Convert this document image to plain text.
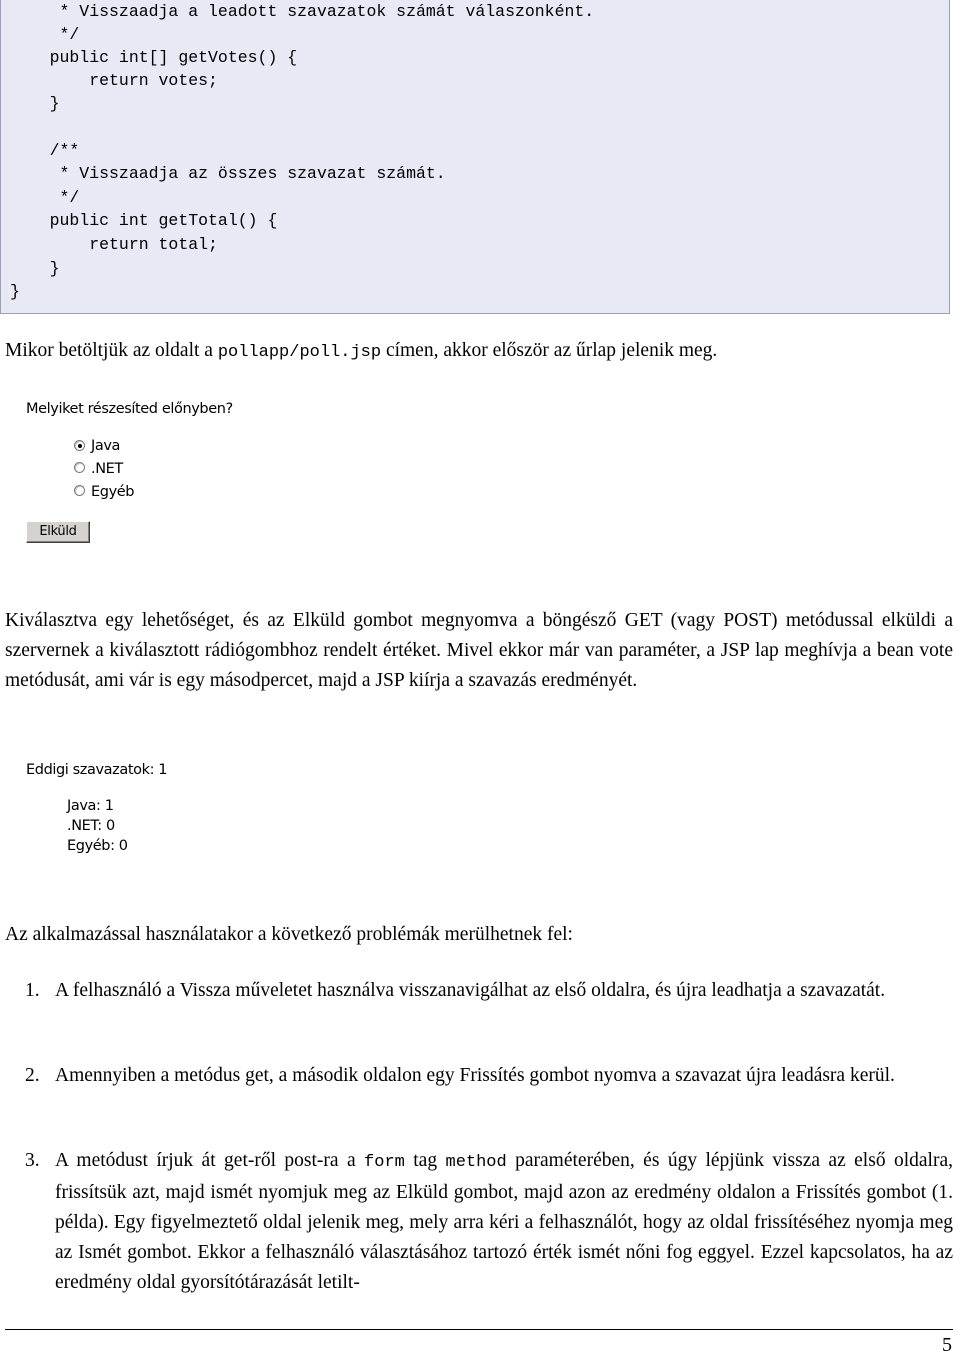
* Visszaadja a leadott szavazatok számát válaszonként.
*/
public int[] getVotes() {
return votes;
}
/**
* Visszaadja az összes szavazat számát.
*/
public int getTotal() {
return total;
}
}
Mikor betöltjük az oldalt a pollapp/poll.jsp címen, akkor először az űrlap jelenik meg.
Melyiket részesíted előnyben?
Java
.NET
Egyéb
Elküld
Kiválasztva egy lehetőséget, és az Elküld gombot megnyomva a böngésző GET (vagy POST) metódussal elküldi a szervernek a kiválasztott rádiógombhoz rendelt értéket. Mivel ekkor már van paraméter, a JSP lap meghívja a bean vote metódusát, ami vár is egy másodpercet, majd a JSP kiírja a szavazás eredményét.
Eddigi szavazatok: 1
Java: 1
.NET: 0
Egyéb: 0
Az alkalmazással használatakor a következő problémák merülhetnek fel:
1. A felhasználó a Vissza műveletet használva visszanavigálhat az első oldalra, és újra leadhatja a szavazatát.
2. Amennyiben a metódus get, a második oldalon egy Frissítés gombot nyomva a szavazat újra leadásra kerül.
3. A metódust írjuk át get-ről post-ra a form tag method paraméterében, és úgy lépjünk vissza az első oldalra, frissítsük azt, majd ismét nyomjuk meg az Elküld gombot, majd azon az eredmény oldalon a Frissítés gombot (1. példa). Egy figyelmeztető oldal jelenik meg, mely arra kéri a felhasználót, hogy az oldal frissítéséhez nyomja meg az Ismét gombot. Ekkor a felhasználó választásához tartozó érték ismét nőni fog eggyel. Ezzel kapcsolatos, ha az eredmény oldal gyorsítótárazását letilt-
5
